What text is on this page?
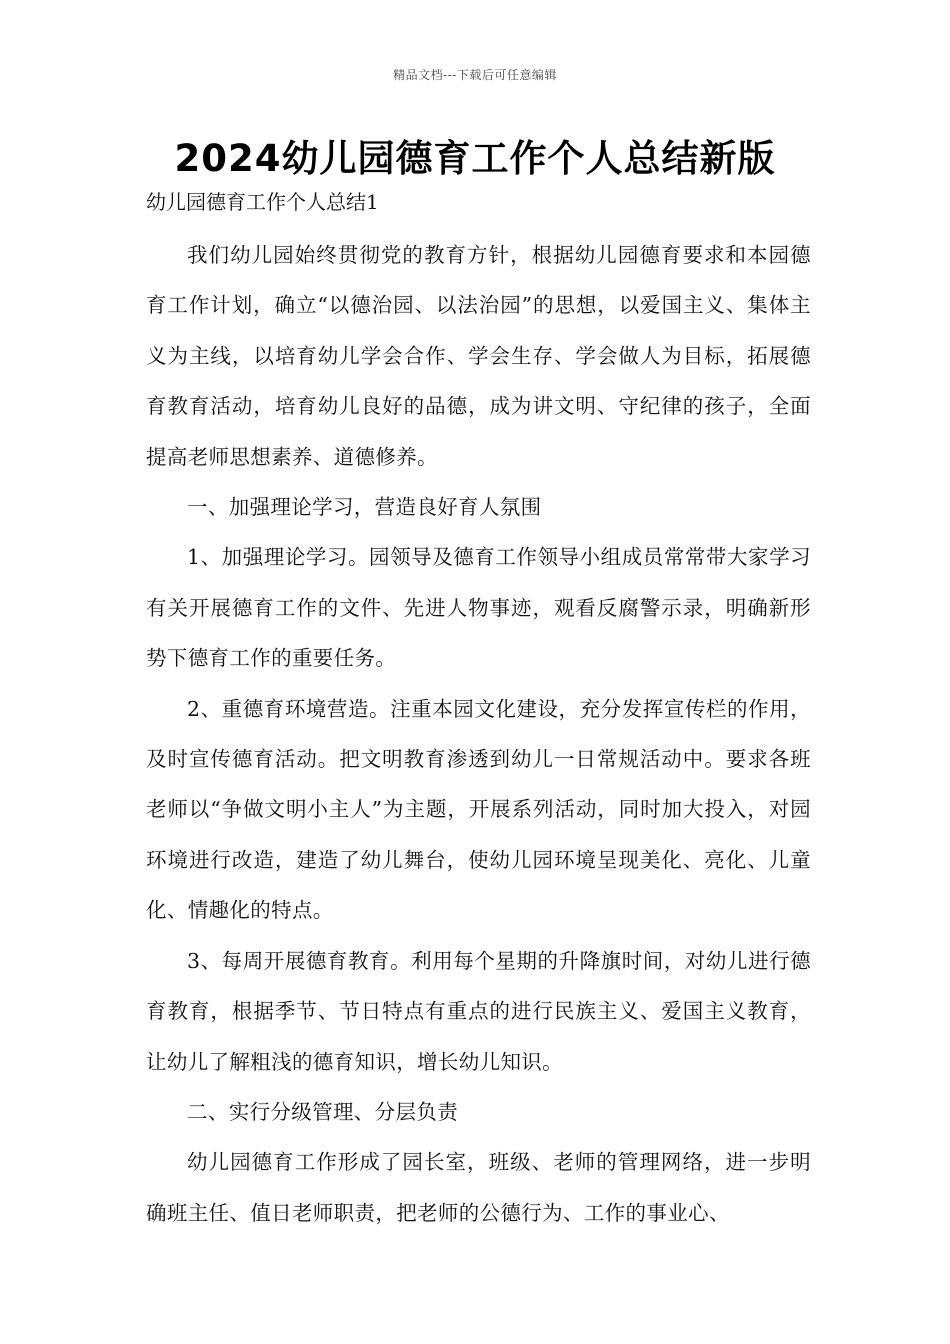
精品文档---下载后可任意编辑
2024幼儿园德育工作个人总结新版
幼儿园德育工作个人总结1

我们幼儿园始终贯彻党的教育方针，根据幼儿园德育要求和本园德育工作计划，确立“以德治园、以法治园”的思想，以爱国主义、集体主义为主线，以培育幼儿学会合作、学会生存、学会做人为目标，拓展德育教育活动，培育幼儿良好的品德，成为讲文明、守纪律的孩子，全面提高老师思想素养、道德修养。

一、加强理论学习，营造良好育人氛围

1、加强理论学习。园领导及德育工作领导小组成员常常带大家学习有关开展德育工作的文件、先进人物事迹，观看反腐警示录，明确新形势下德育工作的重要任务。

2、重德育环境营造。注重本园文化建设，充分发挥宣传栏的作用，及时宣传德育活动。把文明教育渗透到幼儿一日常规活动中。要求各班老师以“争做文明小主人”为主题，开展系列活动，同时加大投入，对园环境进行改造，建造了幼儿舞台，使幼儿园环境呈现美化、亮化、儿童化、情趣化的特点。

3、每周开展德育教育。利用每个星期的升降旗时间，对幼儿进行德育教育，根据季节、节日特点有重点的进行民族主义、爱国主义教育，让幼儿了解粗浅的德育知识，增长幼儿知识。

二、实行分级管理、分层负责

幼儿园德育工作形成了园长室，班级、老师的管理网络，进一步明确班主任、值日老师职责，把老师的公德行为、工作的事业心、
